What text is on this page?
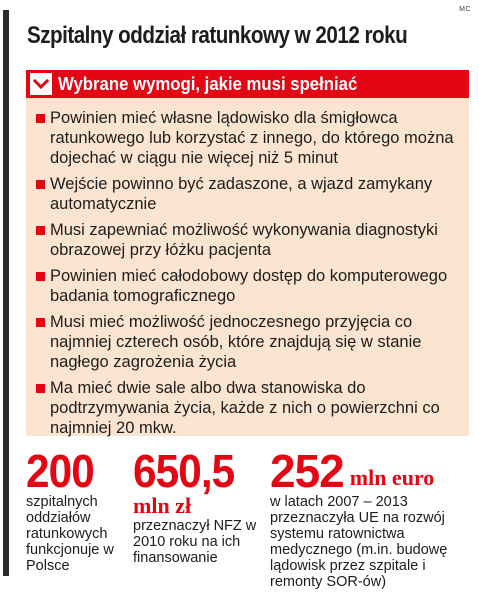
MC
Szpitalny oddział ratunkowy w 2012 roku
Wybrane wymogi, jakie musi spełniać
Powinien mieć własne lądowisko dla śmigłowca ratunkowego lub korzystać z innego, do którego można dojechać w ciągu nie więcej niż 5 minut
Wejście powinno być zadaszone, a wjazd zamykany automatycznie
Musi zapewniać możliwość wykonywania diagnostyki obrazowej przy łóżku pacjenta
Powinien mieć całodobowy dostęp do komputerowego badania tomograficznego
Musi mieć możliwość jednoczesnego przyjęcia co najmniej czterech osób, które znajdują się w stanie nagłego zagrożenia życia
Ma mieć dwie sale albo dwa stanowiska do podtrzymywania życia, każde z nich o powierzchni co najmniej 20 mkw.
200

szpitalnych oddziałów ratunkowych funkcjonuje w Polsce

650,5
mln zł

przeznaczył NFZ w 2010 roku na ich finansowanie

252 mln euro

w latach 2007 – 2013 przeznaczyła UE na rozwój systemu ratownictwa medycznego (m.in. budowę lądowisk przez szpitale i remonty SOR-ów)
